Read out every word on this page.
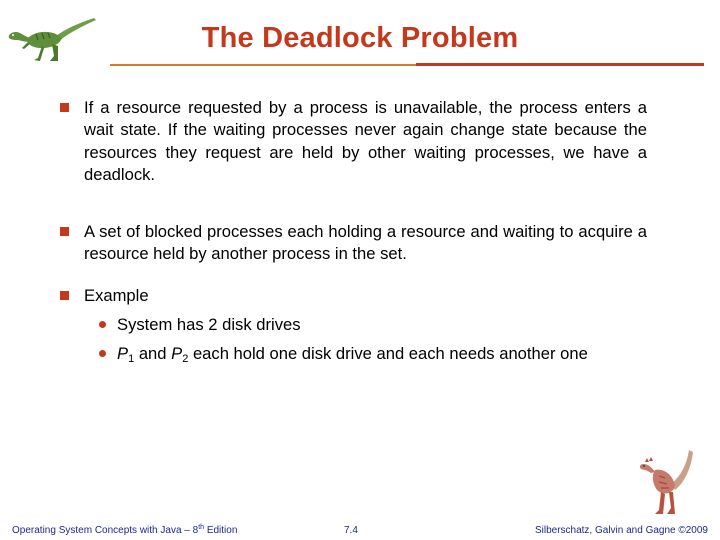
The Deadlock Problem
If a resource requested by a process is unavailable, the process enters a wait state. If the waiting processes never again change state because the resources they request are held by other waiting processes, we have a deadlock.
A set of blocked processes each holding a resource and waiting to acquire a resource held by another process in the set.
Example
System has 2 disk drives
$P_1$ and $P_2$ each hold one disk drive and each needs another one
Operating System Concepts with Java – 8th Edition	7.4	Silberschatz, Galvin and Gagne ©2009
